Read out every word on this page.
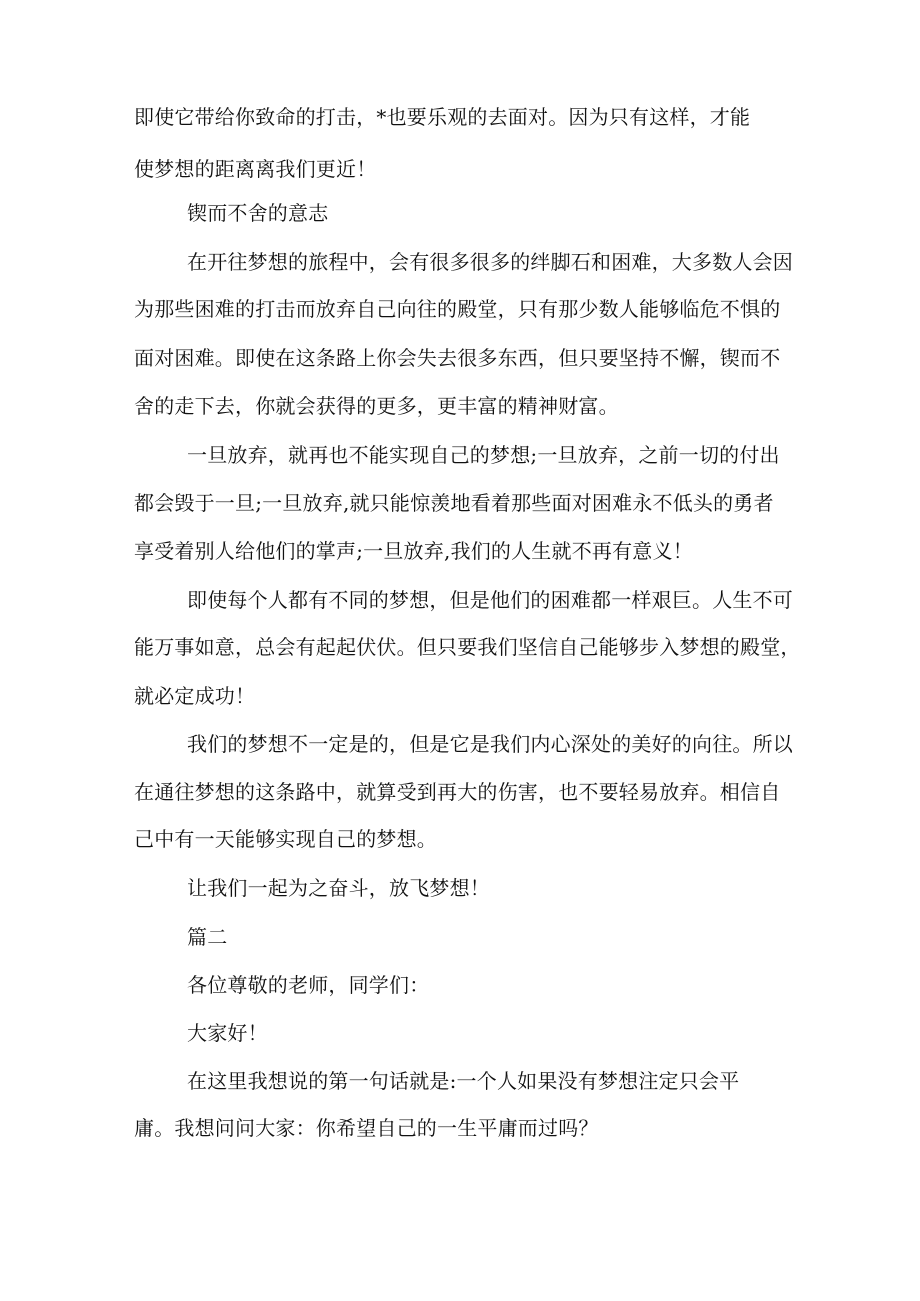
即使它带给你致命的打击，*也要乐观的去面对。因为只有这样，才能
使梦想的距离离我们更近！
锲而不舍的意志
在开往梦想的旅程中，会有很多很多的绊脚石和困难，大多数人会因
为那些困难的打击而放弃自己向往的殿堂，只有那少数人能够临危不惧的
面对困难。即使在这条路上你会失去很多东西，但只要坚持不懈，锲而不
舍的走下去，你就会获得的更多，更丰富的精神财富。
一旦放弃，就再也不能实现自己的梦想;一旦放弃，之前一切的付出
都会毁于一旦;一旦放弃,就只能惊羡地看着那些面对困难永不低头的勇者
享受着别人给他们的掌声;一旦放弃,我们的人生就不再有意义！
即使每个人都有不同的梦想，但是他们的困难都一样艰巨。人生不可
能万事如意，总会有起起伏伏。但只要我们坚信自己能够步入梦想的殿堂，
就必定成功！
我们的梦想不一定是的，但是它是我们内心深处的美好的向往。所以
在通往梦想的这条路中，就算受到再大的伤害，也不要轻易放弃。相信自
己中有一天能够实现自己的梦想。
让我们一起为之奋斗，放飞梦想！
篇二
各位尊敬的老师，同学们：
大家好！
在这里我想说的第一句话就是:一个人如果没有梦想注定只会平
庸。我想问问大家：你希望自己的一生平庸而过吗？
